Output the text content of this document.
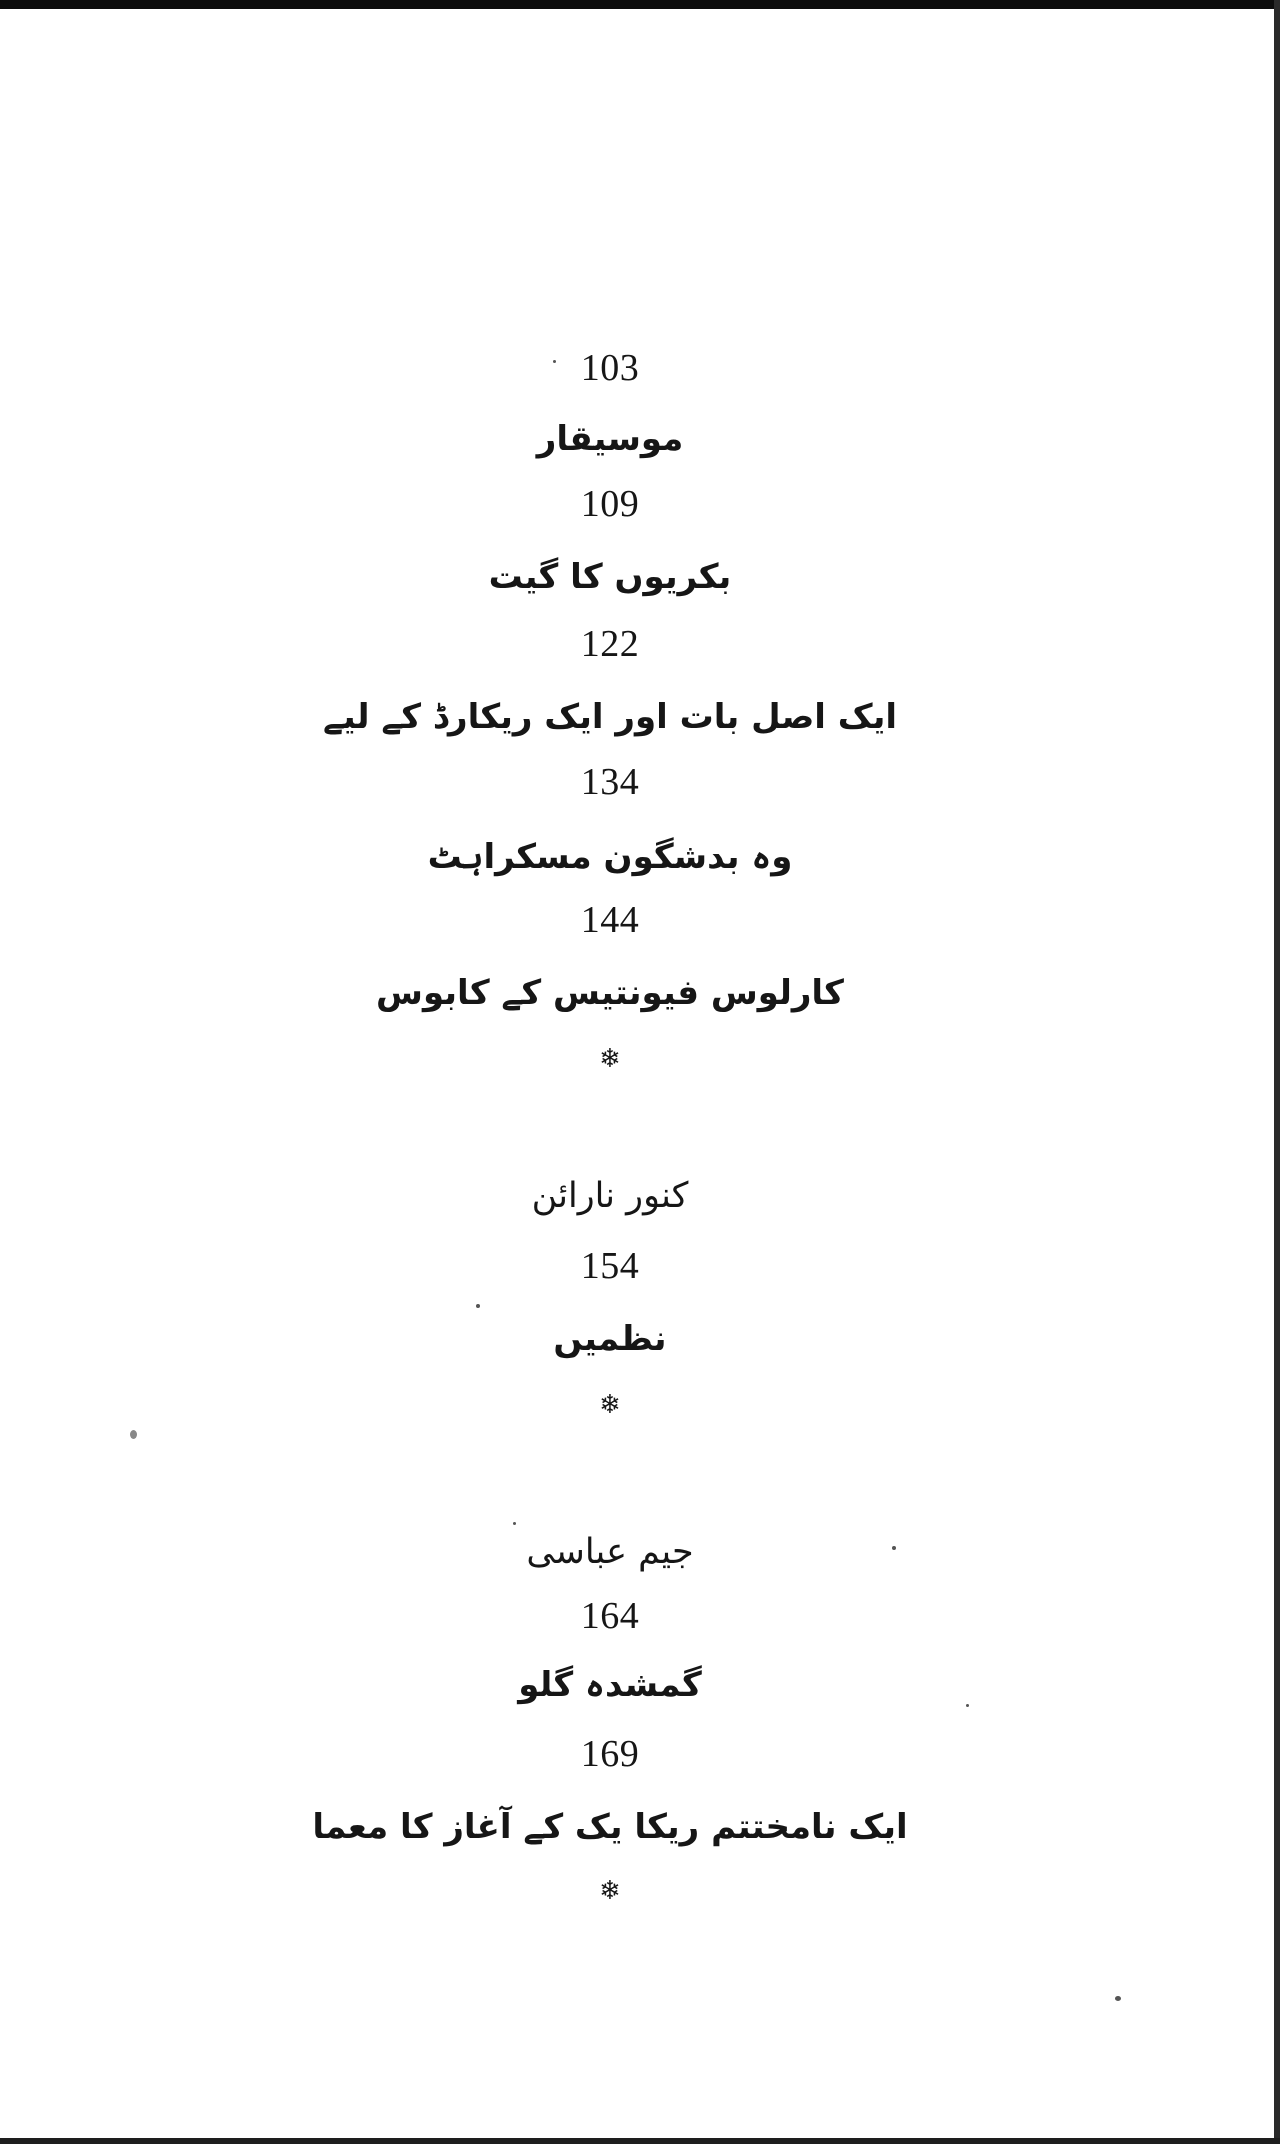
103
موسیقار
109
بکریوں کا گیت
122
ایک اصل بات اور ایک ریکارڈ کے لیے
134
وہ بدشگون مسکراہٹ
144
کارلوس فیونتیس کے کابوس
❄
کنور نارائن
154
نظمیں
❄
جیم عباسی
164
گمشدہ گلو
169
ایک نامختتم ریکا یک کے آغاز کا معما
❄
